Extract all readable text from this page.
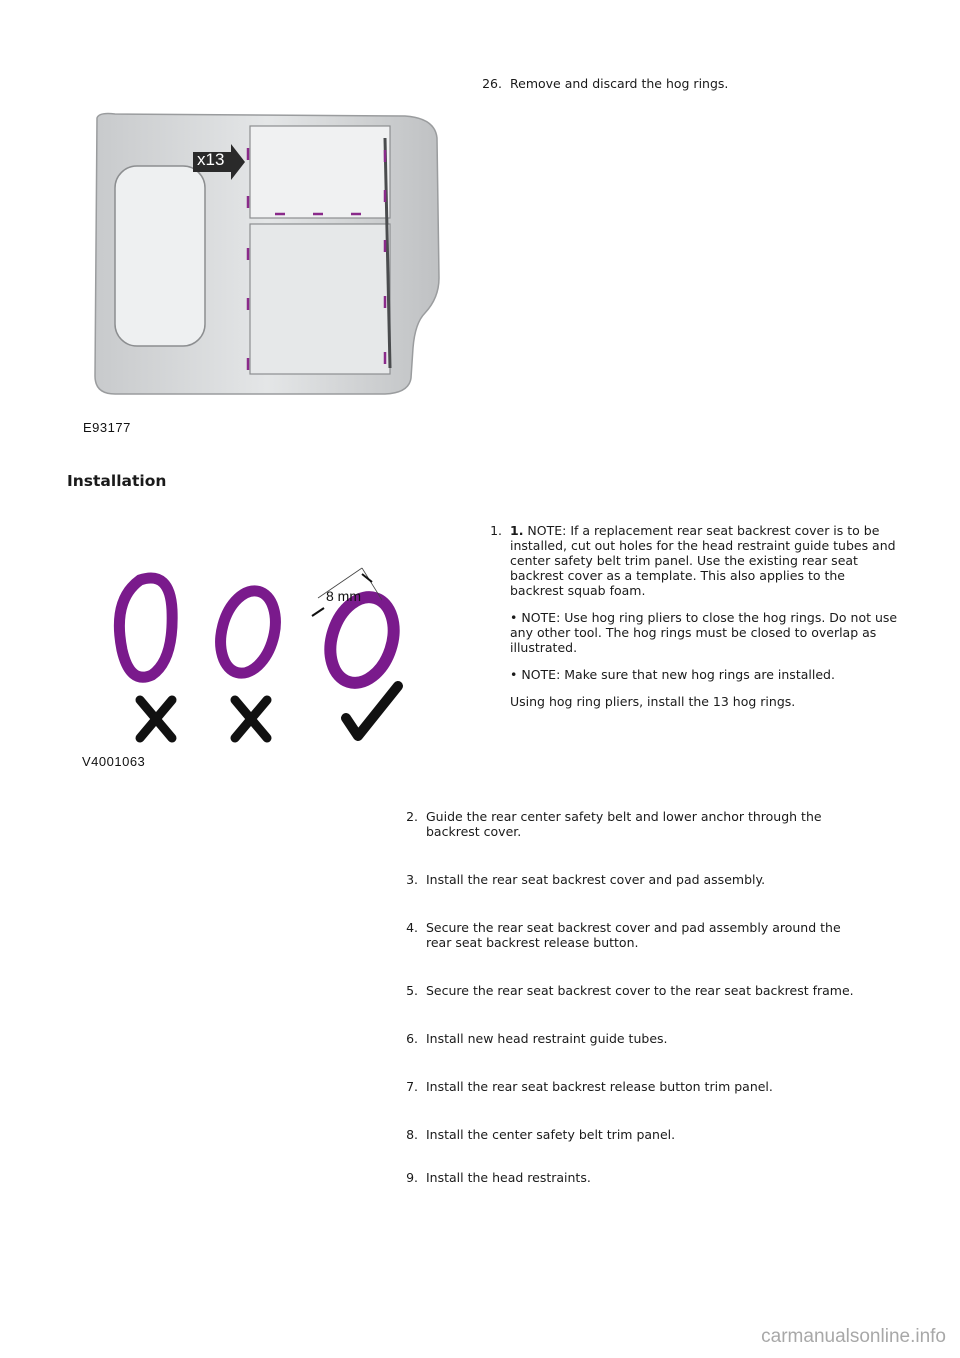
26. Remove and discard the hog rings.
x13
E93177
Installation
8 mm
V4001063
1. 1. NOTE: If a replacement rear seat backrest cover is to be installed, cut out holes for the head restraint guide tubes and center safety belt trim panel. Use the existing rear seat backrest cover as a template. This also applies to the backrest squab foam.

• NOTE: Use hog ring pliers to close the hog rings. Do not use any other tool. The hog rings must be closed to overlap as illustrated.

• NOTE: Make sure that new hog rings are installed.

Using hog ring pliers, install the 13 hog rings.

2. Guide the rear center safety belt and lower anchor through the backrest cover.
3. Install the rear seat backrest cover and pad assembly.
4. Secure the rear seat backrest cover and pad assembly around the rear seat backrest release button.
5. Secure the rear seat backrest cover to the rear seat backrest frame.
6. Install new head restraint guide tubes.
7. Install the rear seat backrest release button trim panel.
8. Install the center safety belt trim panel.
9. Install the head restraints.
carmanualsonline.info
